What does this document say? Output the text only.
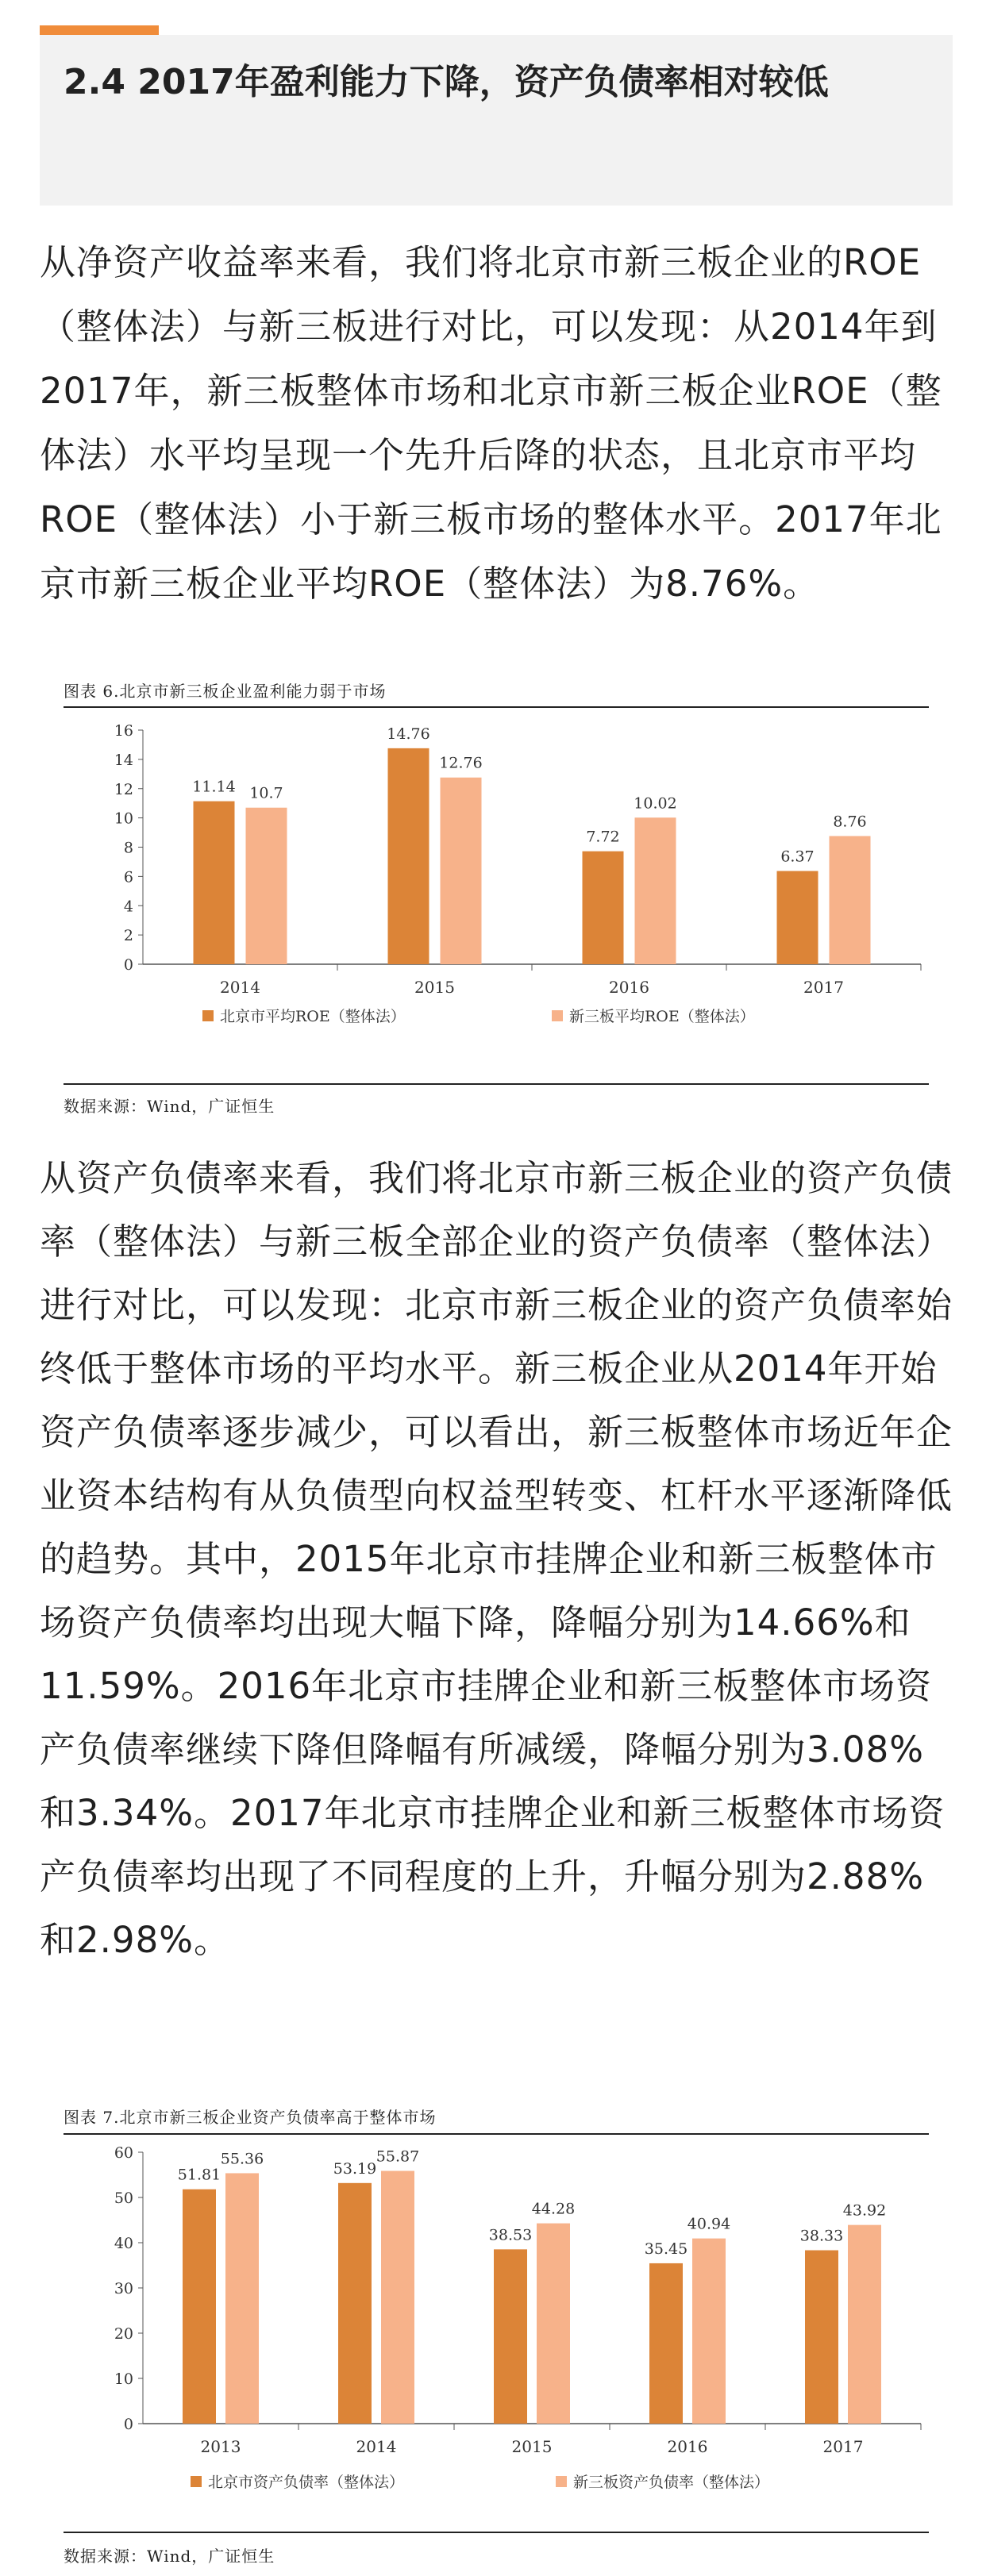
2.4 2017年盈利能力下降，资产负债率相对较低

从净资产收益率来看，我们将北京市新三板企业的ROE（整体法）与新三板进行对比，可以发现：从2014年到2017年，新三板整体市场和北京市新三板企业ROE（整体法）水平均呈现一个先升后降的状态，且北京市平均ROE（整体法）小于新三板市场的整体水平。2017年北京市新三板企业平均ROE（整体法）为8.76%。

图表 6.北京市新三板企业盈利能力弱于市场

0
2
4
6
8
10
12
14
16
2014
11.14 10.7
2015
14.76
12.76
2016
7.72
10.02
2017
6.37
8.76
北京市平均ROE（整体法）	新三板平均ROE（整体法）

数据来源：Wind，广证恒生

从资产负债率来看，我们将北京市新三板企业的资产负债率（整体法）与新三板全部企业的资产负债率（整体法）进行对比，可以发现：北京市新三板企业的资产负债率始终低于整体市场的平均水平。新三板企业从2014年开始资产负债率逐步减少，可以看出，新三板整体市场近年企业资本结构有从负债型向权益型转变、杠杆水平逐渐降低的趋势。其中，2015年北京市挂牌企业和新三板整体市场资产负债率均出现大幅下降，降幅分别为14.66%和11.59%。2016年北京市挂牌企业和新三板整体市场资产负债率继续下降但降幅有所减缓，降幅分别为3.08%和3.34%。2017年北京市挂牌企业和新三板整体市场资产负债率均出现了不同程度的上升，升幅分别为2.88%和2.98%。

图表 7.北京市新三板企业资产负债率高于整体市场

0
10
20
30
40
50
60
2013
51.81
55.36
2014
53.19
55.87
2015
38.53
44.28
2016
35.45
40.94
2017
38.33
43.92
北京市资产负债率（整体法）	新三板资产负债率（整体法）

数据来源：Wind，广证恒生
